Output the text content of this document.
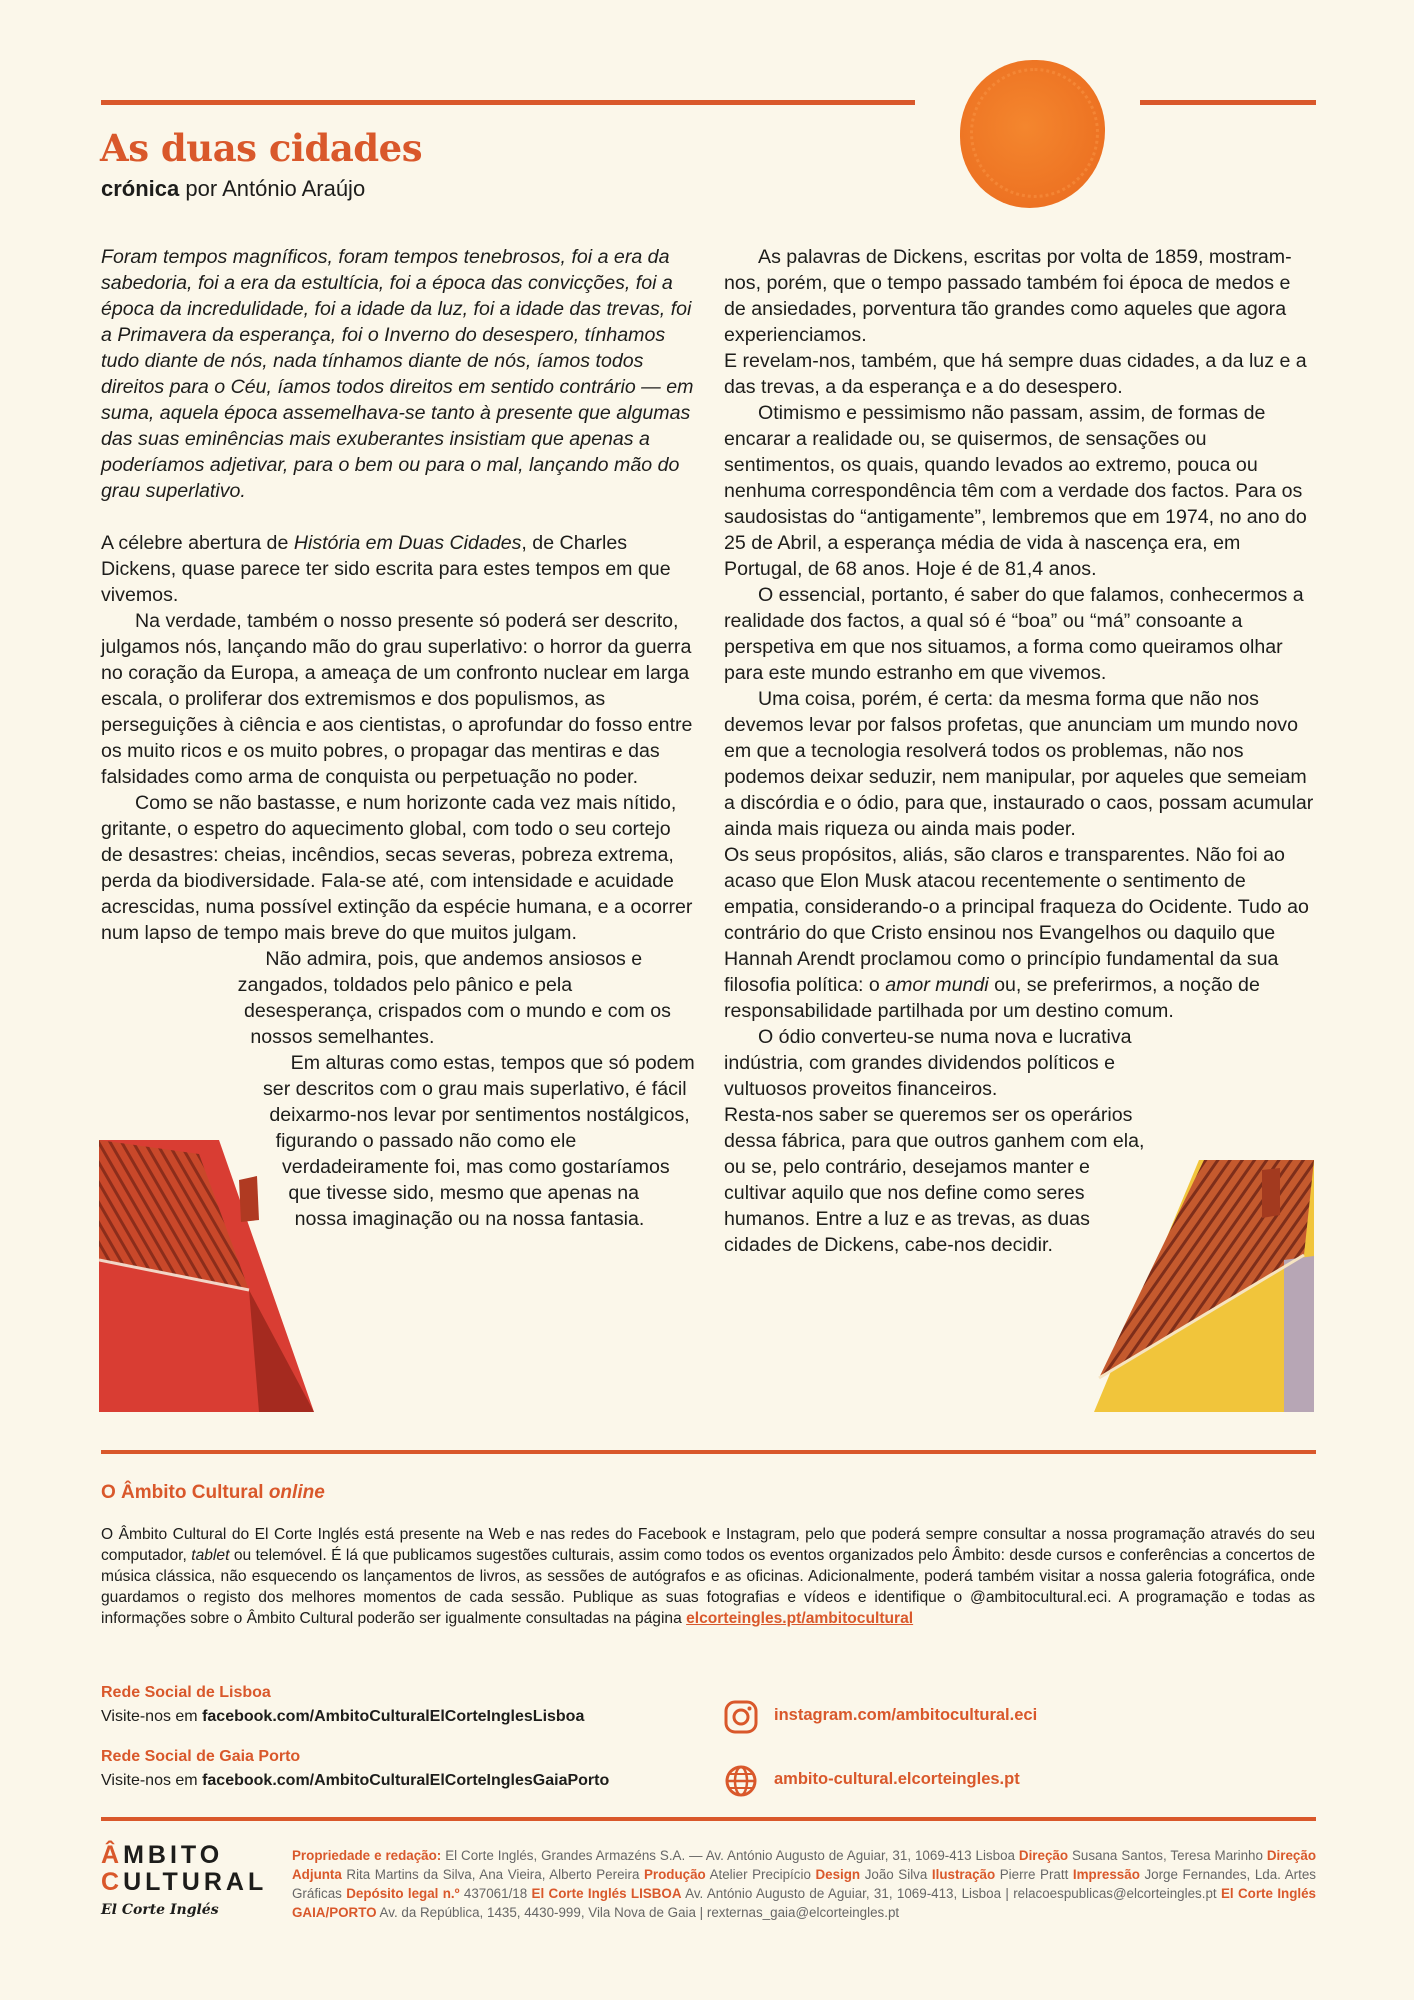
As duas cidades
crónica por António Araújo

Foram tempos magníficos, foram tempos tenebrosos, foi a era da sabedoria, foi a era da estultícia, foi a época das convicções, foi a época da incredulidade, foi a idade da luz, foi a idade das trevas, foi a Primavera da esperança, foi o Inverno do desespero, tínhamos tudo diante de nós, nada tínhamos diante de nós, íamos todos direitos para o Céu, íamos todos direitos em sentido contrário — em suma, aquela época assemelhava-se tanto à presente que algumas das suas eminências mais exuberantes insistiam que apenas a poderíamos adjetivar, para o bem ou para o mal, lançando mão do grau superlativo.

A célebre abertura de História em Duas Cidades, de Charles Dickens, quase parece ter sido escrita para estes tempos em que vivemos.

Na verdade, também o nosso presente só poderá ser descrito, julgamos nós, lançando mão do grau superlativo: o horror da guerra no coração da Europa, a ameaça de um confronto nuclear em larga escala, o proliferar dos extremismos e dos populismos, as perseguições à ciência e aos cientistas, o aprofundar do fosso entre os muito ricos e os muito pobres, o propagar das mentiras e das falsidades como arma de conquista ou perpetuação no poder.

Como se não bastasse, e num horizonte cada vez mais nítido, gritante, o espetro do aquecimento global, com todo o seu cortejo de desastres: cheias, incêndios, secas severas, pobreza extrema, perda da biodiversidade. Fala-se até, com intensidade e acuidade acrescidas, numa possível extinção da espécie humana, e a ocorrer num lapso de tempo mais breve do que muitos julgam.

Não admira, pois, que andemos ansiosos e zangados, toldados pelo pânico e pela desesperança, crispados com o mundo e com os nossos semelhantes.

Em alturas como estas, tempos que só podem ser descritos com o grau mais superlativo, é fácil deixarmo-nos levar por sentimentos nostálgicos, figurando o passado não como ele verdadeiramente foi, mas como gostaríamos que tivesse sido, mesmo que apenas na nossa imaginação ou na nossa fantasia.

As palavras de Dickens, escritas por volta de 1859, mostram-nos, porém, que o tempo passado também foi época de medos e de ansiedades, porventura tão grandes como aqueles que agora experienciamos.

E revelam-nos, também, que há sempre duas cidades, a da luz e a das trevas, a da esperança e a do desespero.

Otimismo e pessimismo não passam, assim, de formas de encarar a realidade ou, se quisermos, de sensações ou sentimentos, os quais, quando levados ao extremo, pouca ou nenhuma correspondência têm com a verdade dos factos. Para os saudosistas do “antigamente”, lembremos que em 1974, no ano do 25 de Abril, a esperança média de vida à nascença era, em Portugal, de 68 anos. Hoje é de 81,4 anos.

O essencial, portanto, é saber do que falamos, conhecermos a realidade dos factos, a qual só é “boa” ou “má” consoante a perspetiva em que nos situamos, a forma como queiramos olhar para este mundo estranho em que vivemos.

Uma coisa, porém, é certa: da mesma forma que não nos devemos levar por falsos profetas, que anunciam um mundo novo em que a tecnologia resolverá todos os problemas, não nos podemos deixar seduzir, nem manipular, por aqueles que semeiam a discórdia e o ódio, para que, instaurado o caos, possam acumular ainda mais riqueza ou ainda mais poder.

Os seus propósitos, aliás, são claros e transparentes. Não foi ao acaso que Elon Musk atacou recentemente o sentimento de empatia, considerando-o a principal fraqueza do Ocidente. Tudo ao contrário do que Cristo ensinou nos Evangelhos ou daquilo que Hannah Arendt proclamou como o princípio fundamental da sua filosofia política: o amor mundi ou, se preferirmos, a noção de responsabilidade partilhada por um destino comum.

O ódio converteu-se numa nova e lucrativa indústria, com grandes dividendos políticos e vultuosos proveitos financeiros.

Resta-nos saber se queremos ser os operários dessa fábrica, para que outros ganhem com ela, ou se, pelo contrário, desejamos manter e cultivar aquilo que nos define como seres humanos. Entre a luz e as trevas, as duas cidades de Dickens, cabe-nos decidir.

O Âmbito Cultural online

O Âmbito Cultural do El Corte Inglés está presente na Web e nas redes do Facebook e Instagram, pelo que poderá sempre consultar a nossa programação através do seu computador, tablet ou telemóvel. É lá que publicamos sugestões culturais, assim como todos os eventos organizados pelo Âmbito: desde cursos e conferências a concertos de música clássica, não esquecendo os lançamentos de livros, as sessões de autógrafos e as oficinas. Adicionalmente, poderá também visitar a nossa galeria fotográfica, onde guardamos o registo dos melhores momentos de cada sessão. Publique as suas fotografias e vídeos e identifique o @ambitocultural.eci. A programação e todas as informações sobre o Âmbito Cultural poderão ser igualmente consultadas na página elcorteingles.pt/ambitocultural

Rede Social de Lisboa
Visite-nos em facebook.com/AmbitoCulturalElCorteInglesLisboa
Rede Social de Gaia Porto
Visite-nos em facebook.com/AmbitoCulturalElCorteInglesGaiaPorto
instagram.com/ambitocultural.eci
ambito-cultural.elcorteingles.pt
ÂMBITO
CULTURAL
El Corte Inglés

Propriedade e redação: El Corte Inglés, Grandes Armazéns S.A. — Av. António Augusto de Aguiar, 31, 1069-413 Lisboa Direção Susana Santos, Teresa Marinho Direção Adjunta Rita Martins da Silva, Ana Vieira, Alberto Pereira Produção Atelier Precipício Design João Silva Ilustração Pierre Pratt Impressão Jorge Fernandes, Lda. Artes Gráficas Depósito legal n.º 437061/18 El Corte Inglés LISBOA Av. António Augusto de Aguiar, 31, 1069-413, Lisboa | relacoespublicas@elcorteingles.pt El Corte Inglés GAIA/PORTO Av. da República, 1435, 4430-999, Vila Nova de Gaia | rexternas_gaia@elcorteingles.pt
